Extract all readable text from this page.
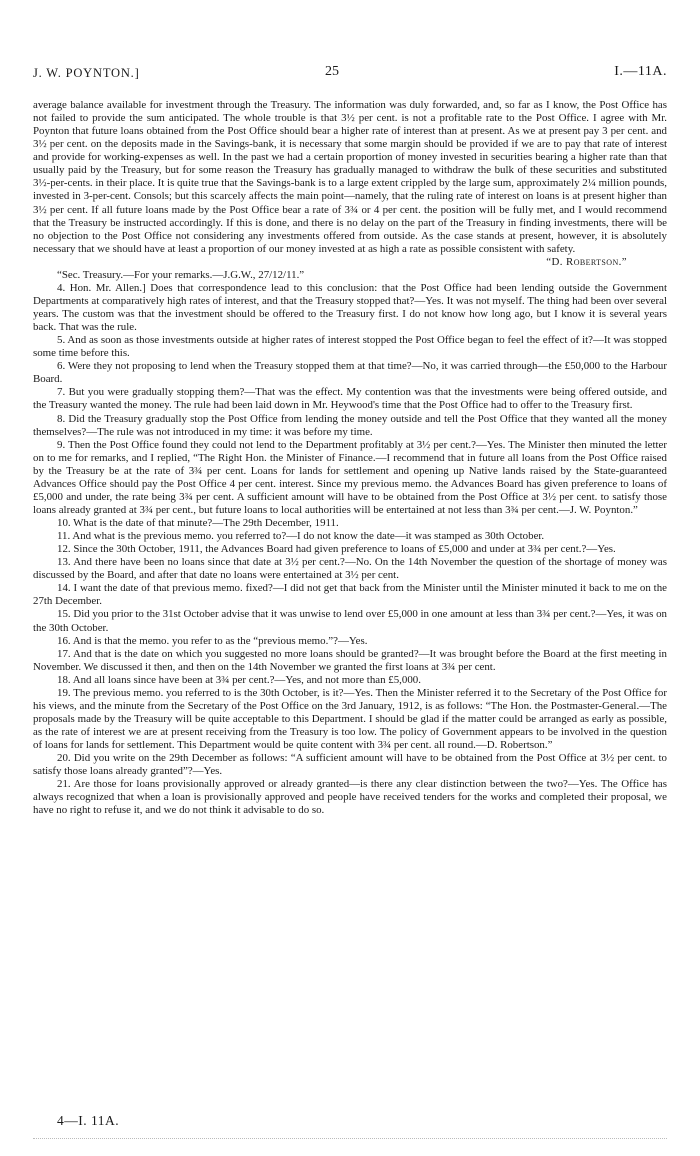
J. W. POYNTON.]	25	I.—11A.

average balance available for investment through the Treasury. The information was duly forwarded, and, so far as I know, the Post Office has not failed to provide the sum anticipated. The whole trouble is that 3½ per cent. is not a profitable rate to the Post Office. I agree with Mr. Poynton that future loans obtained from the Post Office should bear a higher rate of interest than at present. As we at present pay 3 per cent. and 3½ per cent. on the deposits made in the Savings-bank, it is necessary that some margin should be provided if we are to pay that rate of interest and provide for working-expenses as well. In the past we had a certain proportion of money invested in securities bearing a higher rate than that usually paid by the Treasury, but for some reason the Treasury has gradually managed to withdraw the bulk of these securities and substituted 3½-per-cents. in their place. It is quite true that the Savings-bank is to a large extent crippled by the large sum, approximately 2¼ million pounds, invested in 3-per-cent. Consols; but this scarcely affects the main point—namely, that the ruling rate of interest on loans is at present higher than 3½ per cent. If all future loans made by the Post Office bear a rate of 3¾ or 4 per cent. the position will be fully met, and I would recommend that the Treasury be instructed accordingly. If this is done, and there is no delay on the part of the Treasury in finding investments, there will be no objection to the Post Office not considering any investments offered from outside. As the case stands at present, however, it is absolutely necessary that we should have at least a proportion of our money invested at as high a rate as possible consistent with safety.
“D. Robertson.”

“Sec. Treasury.—For your remarks.—J.G.W., 27/12/11.”

4. Hon. Mr. Allen.] Does that correspondence lead to this conclusion: that the Post Office had been lending outside the Government Departments at comparatively high rates of interest, and that the Treasury stopped that?—Yes. It was not myself. The thing had been over several years. The custom was that the investment should be offered to the Treasury first. I do not know how long ago, but I know it is several years back. That was the rule.

5. And as soon as those investments outside at higher rates of interest stopped the Post Office began to feel the effect of it?—It was stopped some time before this.

6. Were they not proposing to lend when the Treasury stopped them at that time?—No, it was carried through—the £50,000 to the Harbour Board.

7. But you were gradually stopping them?—That was the effect. My contention was that the investments were being offered outside, and the Treasury wanted the money. The rule had been laid down in Mr. Heywood's time that the Post Office had to offer to the Treasury first.

8. Did the Treasury gradually stop the Post Office from lending the money outside and tell the Post Office that they wanted all the money themselves?—The rule was not introduced in my time: it was before my time.

9. Then the Post Office found they could not lend to the Department profitably at 3½ per cent.?—Yes. The Minister then minuted the letter on to me for remarks, and I replied, “The Right Hon. the Minister of Finance.—I recommend that in future all loans from the Post Office raised by the Treasury be at the rate of 3¾ per cent. Loans for lands for settlement and opening up Native lands raised by the State-guaranteed Advances Office should pay the Post Office 4 per cent. interest. Since my previous memo. the Advances Board has given preference to loans of £5,000 and under, the rate being 3¾ per cent. A sufficient amount will have to be obtained from the Post Office at 3½ per cent. to satisfy those loans already granted at 3¾ per cent., but future loans to local authorities will be entertained at not less than 3¾ per cent.—J. W. Poynton.”

10. What is the date of that minute?—The 29th December, 1911.

11. And what is the previous memo. you referred to?—I do not know the date—it was stamped as 30th October.

12. Since the 30th October, 1911, the Advances Board had given preference to loans of £5,000 and under at 3¾ per cent.?—Yes.

13. And there have been no loans since that date at 3½ per cent.?—No. On the 14th November the question of the shortage of money was discussed by the Board, and after that date no loans were entertained at 3½ per cent.

14. I want the date of that previous memo. fixed?—I did not get that back from the Minister until the Minister minuted it back to me on the 27th December.

15. Did you prior to the 31st October advise that it was unwise to lend over £5,000 in one amount at less than 3¾ per cent.?—Yes, it was on the 30th October.

16. And is that the memo. you refer to as the “previous memo.”?—Yes.

17. And that is the date on which you suggested no more loans should be granted?—It was brought before the Board at the first meeting in November. We discussed it then, and then on the 14th November we granted the first loans at 3¾ per cent.

18. And all loans since have been at 3¾ per cent.?—Yes, and not more than £5,000.

19. The previous memo. you referred to is the 30th October, is it?—Yes. Then the Minister referred it to the Secretary of the Post Office for his views, and the minute from the Secretary of the Post Office on the 3rd January, 1912, is as follows: “The Hon. the Postmaster-General.—The proposals made by the Treasury will be quite acceptable to this Department. I should be glad if the matter could be arranged as early as possible, as the rate of interest we are at present receiving from the Treasury is too low. The policy of Government appears to be involved in the question of loans for lands for settlement. This Department would be quite content with 3¾ per cent. all round.—D. Robertson.”

20. Did you write on the 29th December as follows: “A sufficient amount will have to be obtained from the Post Office at 3½ per cent. to satisfy those loans already granted”?—Yes.

21. Are those for loans provisionally approved or already granted—is there any clear distinction between the two?—Yes. The Office has always recognized that when a loan is provisionally approved and people have received tenders for the works and completed their proposal, we have no right to refuse it, and we do not think it advisable to do so.

4—I. 11A.
